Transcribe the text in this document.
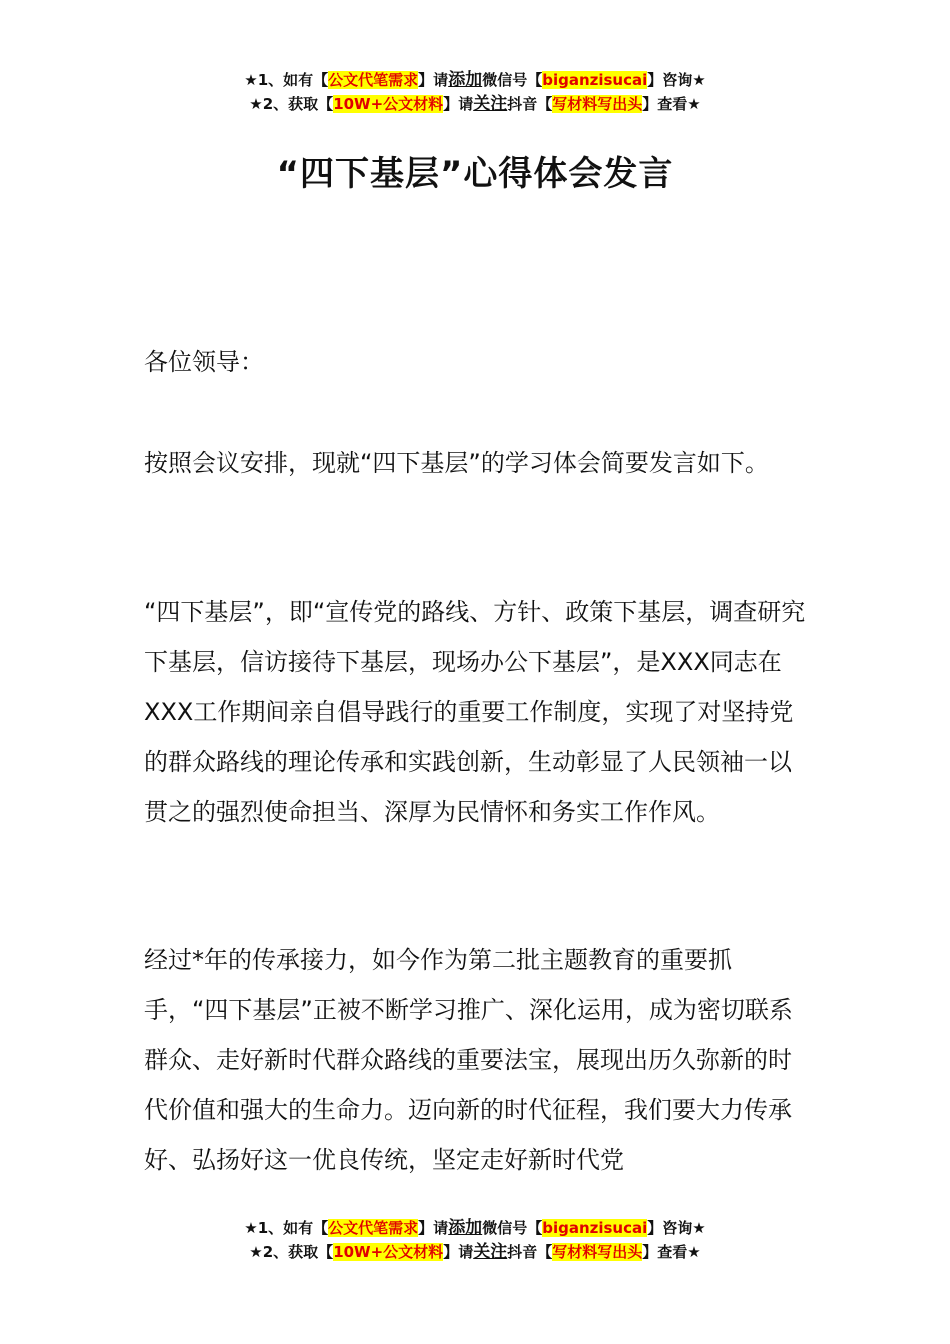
★1、如有【公文代笔需求】请添加微信号【biganzisucai】咨询★
★2、获取【10W+公文材料】请关注抖音【写材料写出头】查看★
“四下基层”心得体会发言
各位领导：

按照会议安排，现就“四下基层”的学习体会简要发言如下。

“四下基层”，即“宣传党的路线、方针、政策下基层，调查研究下基层，信访接待下基层，现场办公下基层”，是XXX同志在XXX工作期间亲自倡导践行的重要工作制度，实现了对坚持党的群众路线的理论传承和实践创新，生动彰显了人民领袖一以贯之的强烈使命担当、深厚为民情怀和务实工作作风。

经过*年的传承接力，如今作为第二批主题教育的重要抓手，“四下基层”正被不断学习推广、深化运用，成为密切联系群众、走好新时代群众路线的重要法宝，展现出历久弥新的时代价值和强大的生命力。迈向新的时代征程，我们要大力传承好、弘扬好这一优良传统，坚定走好新时代党

★1、如有【公文代笔需求】请添加微信号【biganzisucai】咨询★
★2、获取【10W+公文材料】请关注抖音【写材料写出头】查看★
